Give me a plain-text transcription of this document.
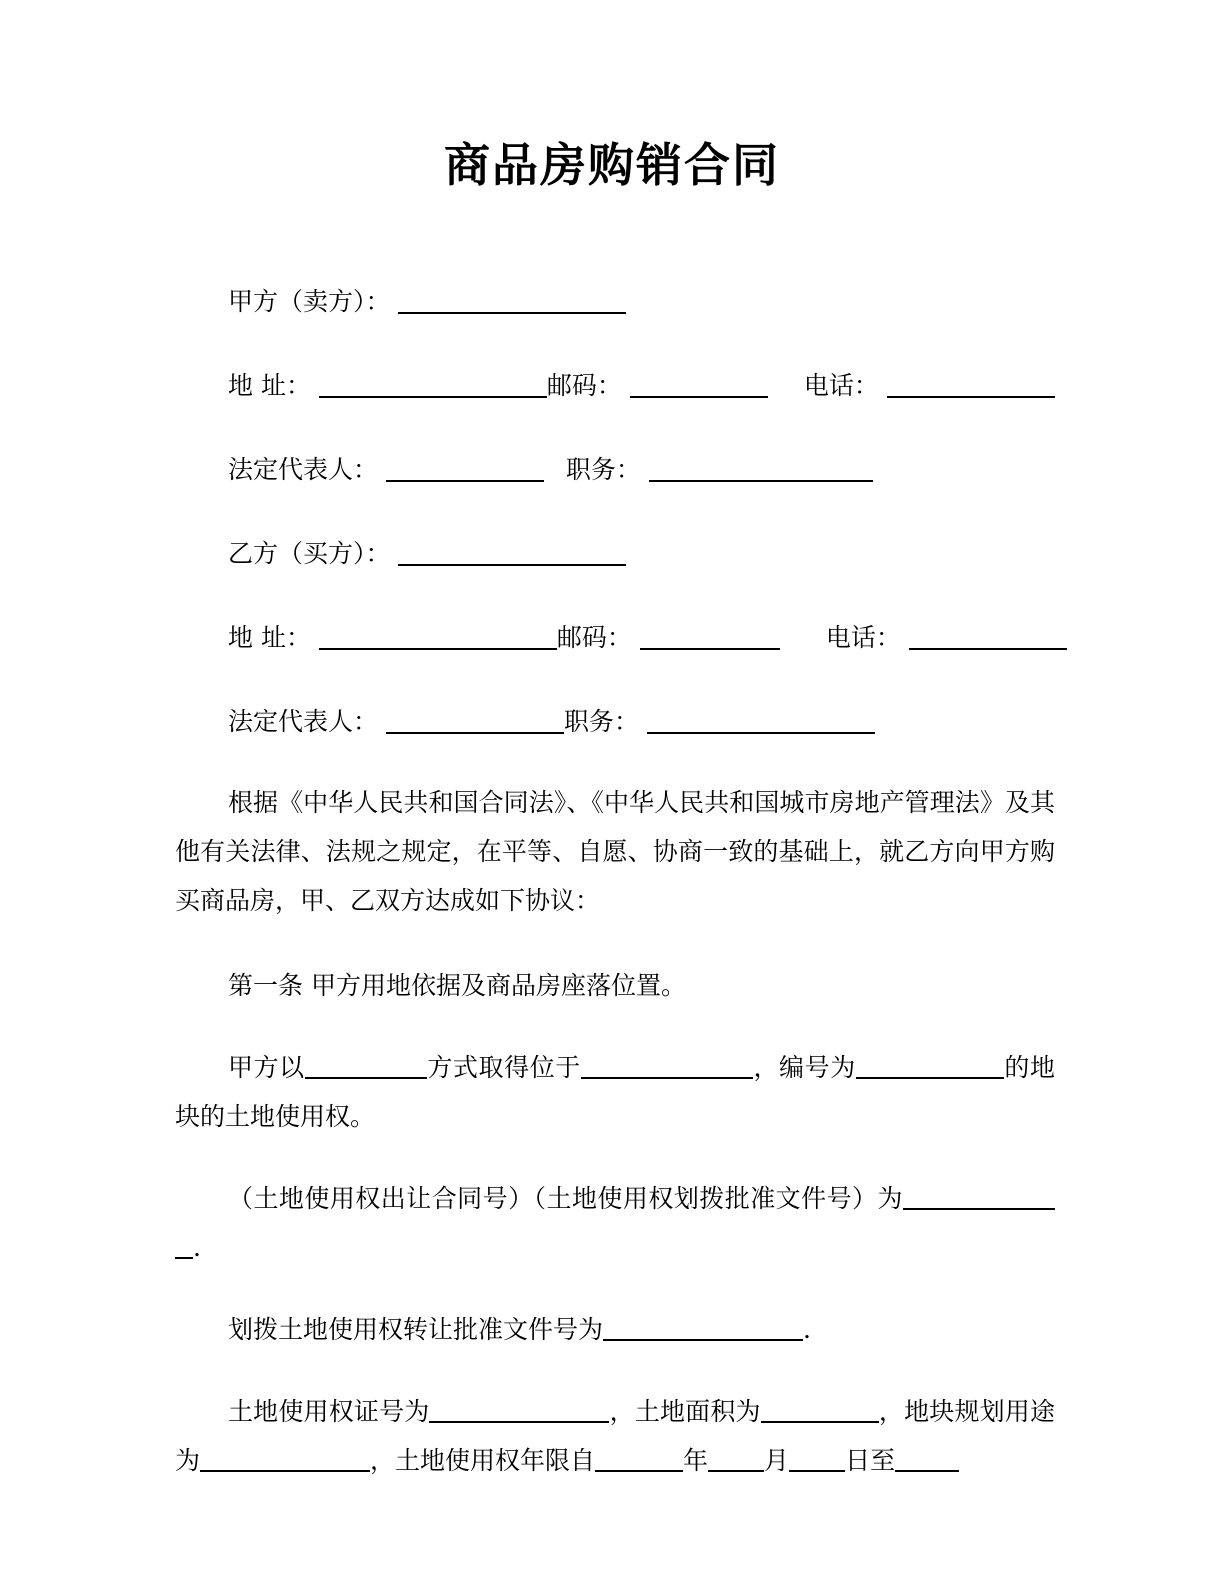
商品房购销合同
甲方（卖方）：
地 址：	邮码：	电话：
法定代表人：	职务：
乙方（买方）：
地 址：	邮码：	电话：
法定代表人：	职务：

根据《中华人民共和国合同法》、《中华人民共和国城市房地产管理法》及其他有关法律、法规之规定，在平等、自愿、协商一致的基础上，就乙方向甲方购买商品房，甲、乙双方达成如下协议：

第一条 甲方用地依据及商品房座落位置。

甲方以	方式取得位于	，编号为	的地块的土地使用权。

（土地使用权出让合同号）（土地使用权划拨批准文件号）为.

划拨土地使用权转让批准文件号为	.

土地使用权证号为	，土地面积为	，地块规划用途为	，土地使用权年限自	年 月 日至
